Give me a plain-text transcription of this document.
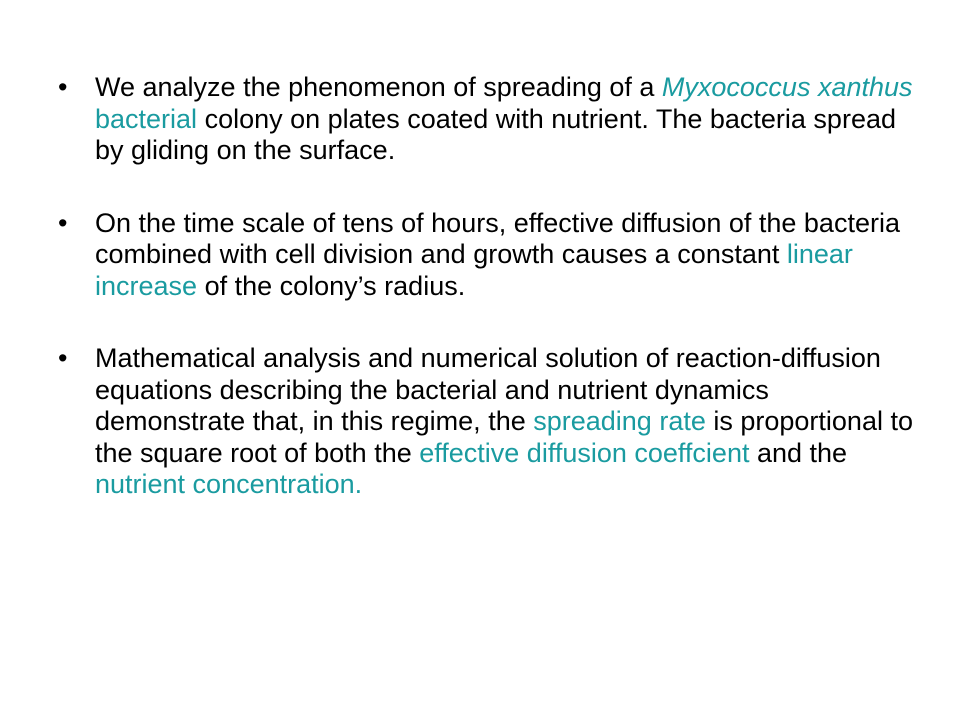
•	We analyze the phenomenon of spreading of a Myxococcus xanthus bacterial colony on plates coated with nutrient. The bacteria spread by gliding on the surface.
•	On the time scale of tens of hours, effective diffusion of the bacteria combined with cell division and growth causes a constant linear increase of the colony’s radius.
•	Mathematical analysis and numerical solution of reaction-diffusion equations describing the bacterial and nutrient dynamics demonstrate that, in this regime, the spreading rate is proportional to the square root of both the effective diffusion coeffcient and the nutrient concentration.
